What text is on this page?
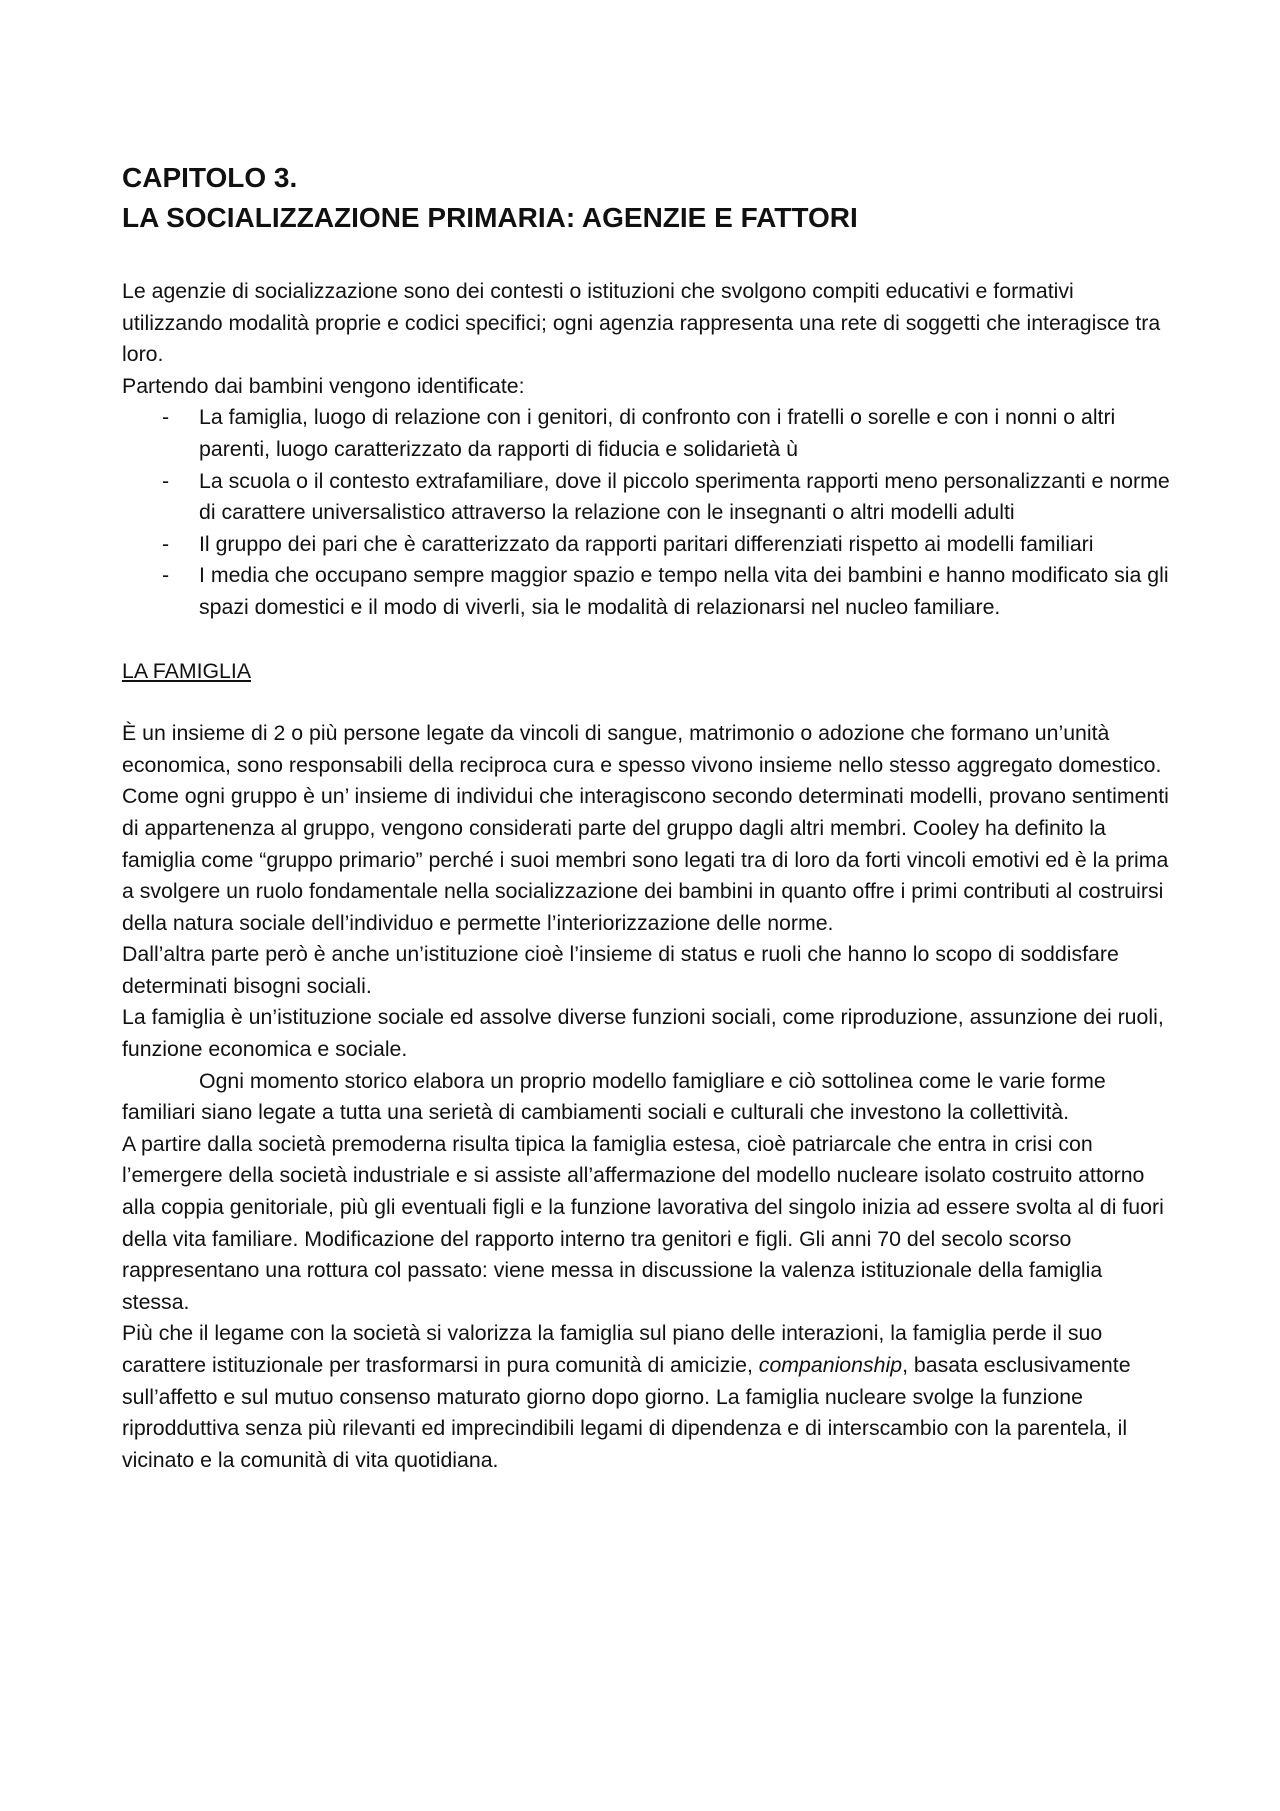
CAPITOLO 3.
LA SOCIALIZZAZIONE PRIMARIA: AGENZIE E FATTORI

Le agenzie di socializzazione sono dei contesti o istituzioni che svolgono compiti educativi e formativi utilizzando modalità proprie e codici specifici; ogni agenzia rappresenta una rete di soggetti che interagisce tra loro.

Partendo dai bambini vengono identificate:

- La famiglia, luogo di relazione con i genitori, di confronto con i fratelli o sorelle e con i nonni o altri parenti, luogo caratterizzato da rapporti di fiducia e solidarietà ù
- La scuola o il contesto extrafamiliare, dove il piccolo sperimenta rapporti meno personalizzanti e norme di carattere universalistico attraverso la relazione con le insegnanti o altri modelli adulti
- Il gruppo dei pari che è caratterizzato da rapporti paritari differenziati rispetto ai modelli familiari
- I media che occupano sempre maggior spazio e tempo nella vita dei bambini e hanno modificato sia gli spazi domestici e il modo di viverli, sia le modalità di relazionarsi nel nucleo familiare.

LA FAMIGLIA

È un insieme di 2 o più persone legate da vincoli di sangue, matrimonio o adozione che formano un’unità economica, sono responsabili della reciproca cura e spesso vivono insieme nello stesso aggregato domestico. Come ogni gruppo è un’ insieme di individui che interagiscono secondo determinati modelli, provano sentimenti di appartenenza al gruppo, vengono considerati parte del gruppo dagli altri membri. Cooley ha definito la famiglia come “gruppo primario” perché i suoi membri sono legati tra di loro da forti vincoli emotivi ed è la prima a svolgere un ruolo fondamentale nella socializzazione dei bambini in quanto offre i primi contributi al costruirsi della natura sociale dell’individuo e permette l’interiorizzazione delle norme.

Dall’altra parte però è anche un’istituzione cioè l’insieme di status e ruoli che hanno lo scopo di soddisfare determinati bisogni sociali.

La famiglia è un’istituzione sociale ed assolve diverse funzioni sociali, come riproduzione, assunzione dei ruoli, funzione economica e sociale.

Ogni momento storico elabora un proprio modello famigliare e ciò sottolinea come le varie forme familiari siano legate a tutta una serietà di cambiamenti sociali e culturali che investono la collettività.

A partire dalla società premoderna risulta tipica la famiglia estesa, cioè patriarcale che entra in crisi con l’emergere della società industriale e si assiste all’affermazione del modello nucleare isolato costruito attorno alla coppia genitoriale, più gli eventuali figli e la funzione lavorativa del singolo inizia ad essere svolta al di fuori della vita familiare. Modificazione del rapporto interno tra genitori e figli. Gli anni 70 del secolo scorso rappresentano una rottura col passato: viene messa in discussione la valenza istituzionale della famiglia stessa.

Più che il legame con la società si valorizza la famiglia sul piano delle interazioni, la famiglia perde il suo carattere istituzionale per trasformarsi in pura comunità di amicizie, companionship, basata esclusivamente sull’affetto e sul mutuo consenso maturato giorno dopo giorno. La famiglia nucleare svolge la funzione riprodduttiva senza più rilevanti ed imprecindibili legami di dipendenza e di interscambio con la parentela, il vicinato e la comunità di vita quotidiana.
